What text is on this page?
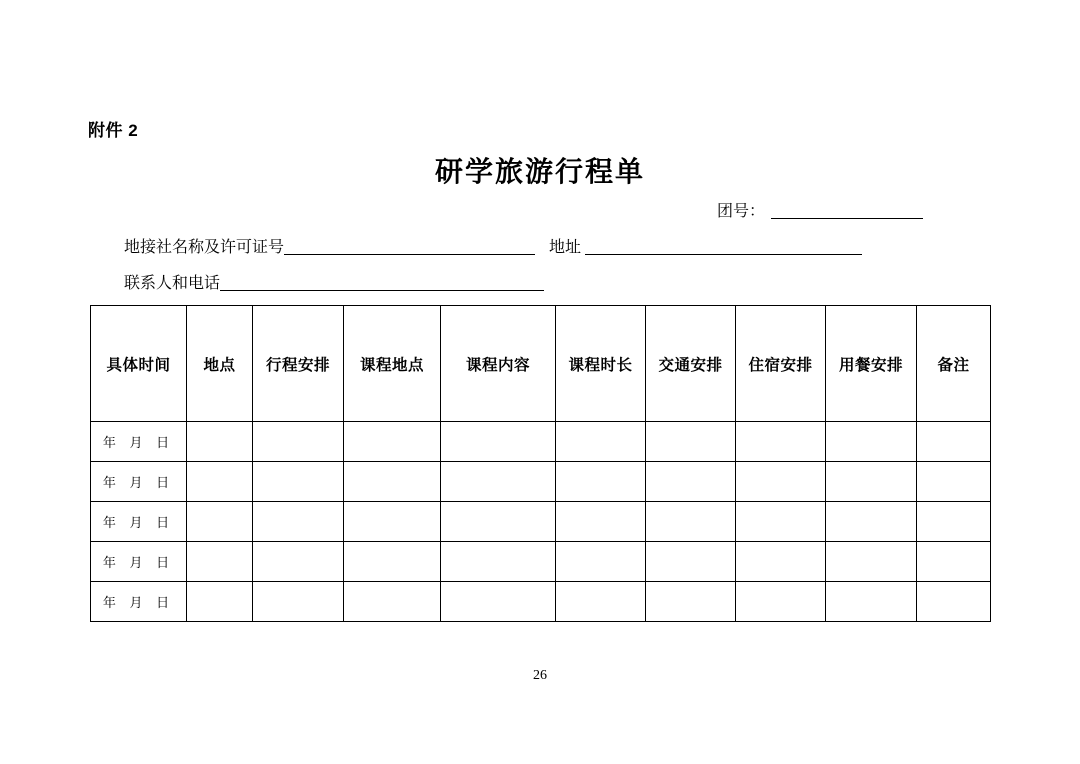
附件 2
研学旅游行程单
团号：
地接社名称及许可证号	地址
联系人和电话
具体时间	地点	行程安排	课程地点	课程内容	课程时长	交通安排	住宿安排	用餐安排	备注
年 月 日									
年 月 日									
年 月 日									
年 月 日									
年 月 日									
26
